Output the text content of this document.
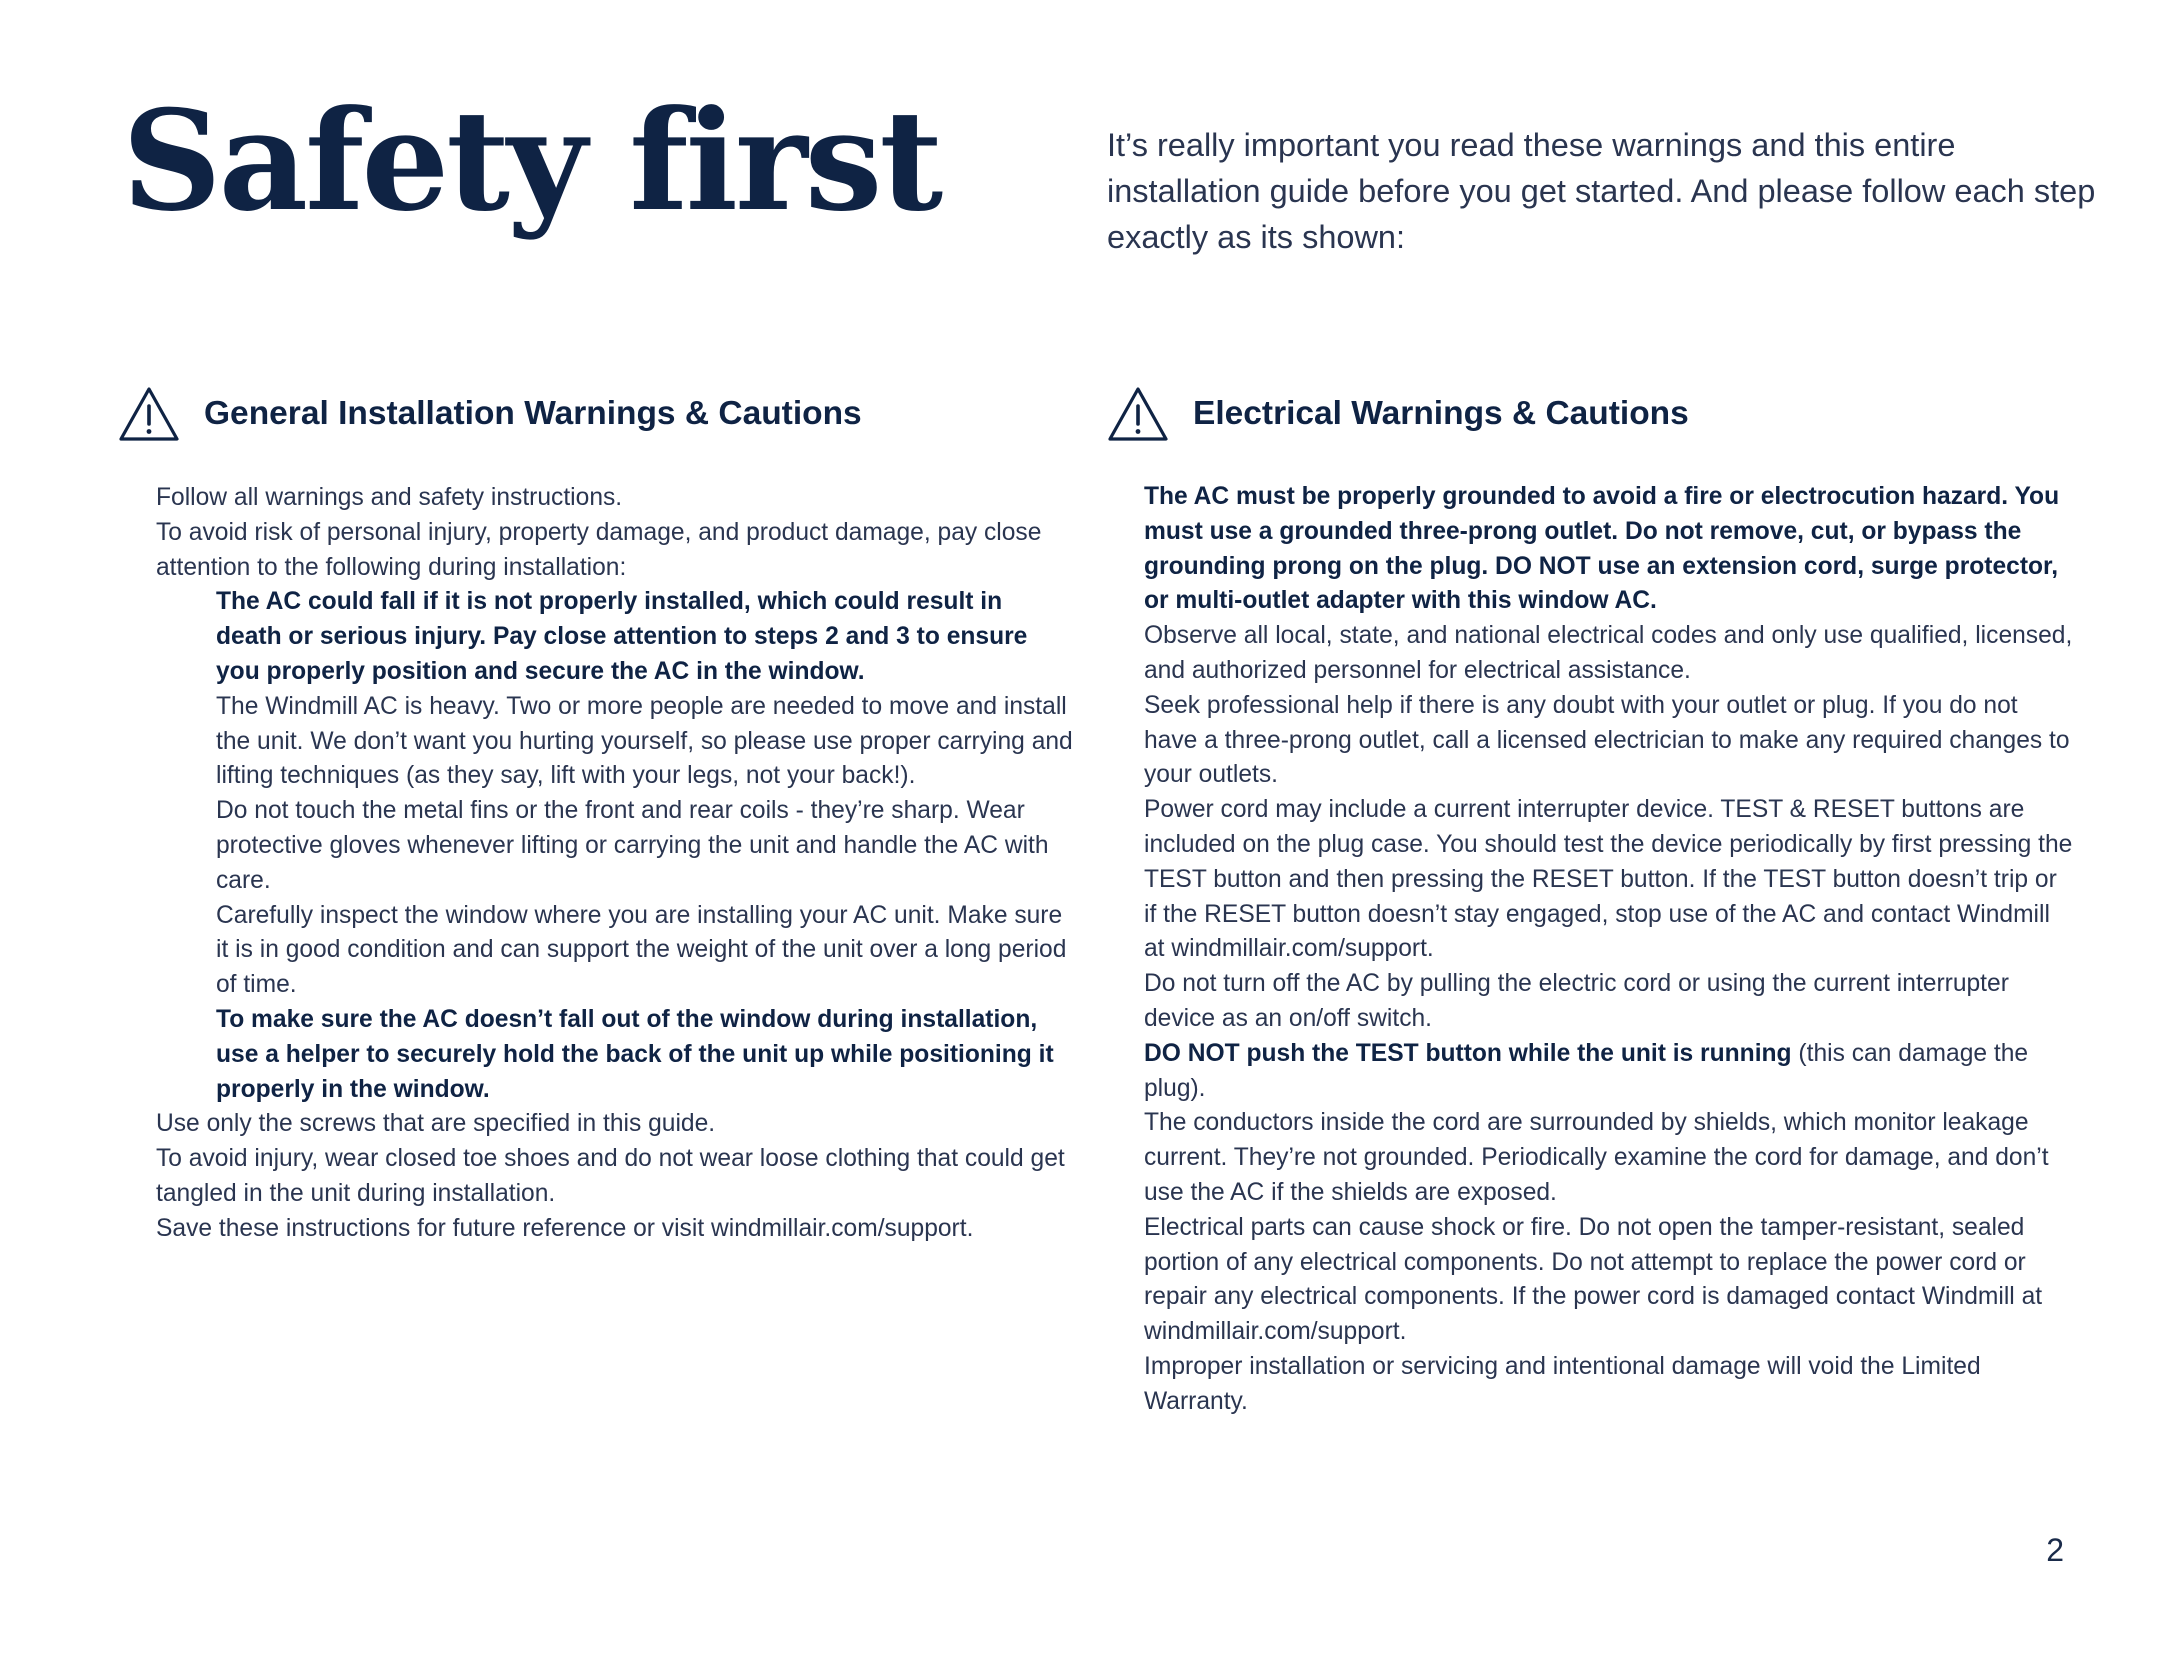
Safety first	It’s really important you read these warnings and this entire installation guide before you get started. And please follow each step exactly as its shown:

General Installation Warnings & Cautions	Electrical Warnings & Cautions

Follow all warnings and safety instructions.

To avoid risk of personal injury, property damage, and product damage, pay close attention to the following during installation:

The AC could fall if it is not properly installed, which could result in death or serious injury. Pay close attention to steps 2 and 3 to ensure you properly position and secure the AC in the window.

The Windmill AC is heavy. Two or more people are needed to move and install the unit. We don’t want you hurting yourself, so please use proper carrying and lifting techniques (as they say, lift with your legs, not your back!).

Do not touch the metal fins or the front and rear coils - they’re sharp. Wear protective gloves whenever lifting or carrying the unit and handle the AC with care.

Carefully inspect the window where you are installing your AC unit. Make sure it is in good condition and can support the weight of the unit over a long period of time.

To make sure the AC doesn’t fall out of the window during installation, use a helper to securely hold the back of the unit up while positioning it properly in the window.

Use only the screws that are specified in this guide.

To avoid injury, wear closed toe shoes and do not wear loose clothing that could get tangled in the unit during installation.

Save these instructions for future reference or visit windmillair.com/support.

The AC must be properly grounded to avoid a fire or electrocution hazard. You must use a grounded three-prong outlet. Do not remove, cut, or bypass the grounding prong on the plug. DO NOT use an extension cord, surge protector, or multi-outlet adapter with this window AC.

Observe all local, state, and national electrical codes and only use qualified, licensed, and authorized personnel for electrical assistance.

Seek professional help if there is any doubt with your outlet or plug. If you do not have a three-prong outlet, call a licensed electrician to make any required changes to your outlets.

Power cord may include a current interrupter device. TEST & RESET buttons are included on the plug case. You should test the device periodically by first pressing the TEST button and then pressing the RESET button. If the TEST button doesn’t trip or if the RESET button doesn’t stay engaged, stop use of the AC and contact Windmill at windmillair.com/support.

Do not turn off the AC by pulling the electric cord or using the current interrupter device as an on/off switch.

DO NOT push the TEST button while the unit is running (this can damage the plug).

The conductors inside the cord are surrounded by shields, which monitor leakage current. They’re not grounded. Periodically examine the cord for damage, and don’t use the AC if the shields are exposed.

Electrical parts can cause shock or fire. Do not open the tamper-resistant, sealed portion of any electrical components. Do not attempt to replace the power cord or repair any electrical components. If the power cord is damaged contact Windmill at windmillair.com/support.

Improper installation or servicing and intentional damage will void the Limited Warranty.

2
